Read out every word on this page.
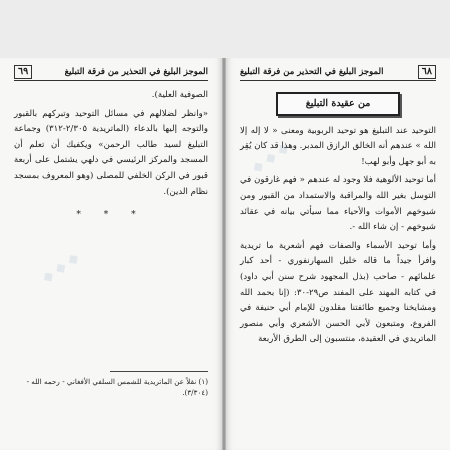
الموجز البليغ في التحذير من فرقة التبليغ
٦٩

الصوفية العلية).

«وانظر لضلالهم في مسائل التوحيد وتبركهم بالقبور والتوجه إليها بالدعاء (الماتريدية ٢/٣٠٥-٣١٢) وجماعة التبليغ لسيد طالب الرحمن» ويكفيك أن تعلم أن المسجد والمركز الرئيسي في دلهي يشتمل على أربعة قبور في الركن الخلفي للمصلى (وهو المعروف بمسجد نظام الدين).

* * *
(١) نقلاً عن الماتريدية للشمس السلفي الأفغاني - رحمه الله - (٣/٣٠٤).
٦٨
الموجز البليغ في التحذير من فرقة التبليغ
من عقيدة التبليغ

التوحيد عند التبليغ هو توحيد الربوبية ومعنى « لا إله إلا الله » عندهم أنه الخالق الرازق المدبر. وهذا قد كان يُقِر به أبو جهل وأبو لهب!

أما توحيد الألوهية فلا وجود له عندهم « فهم غارقون في التوسل بغير الله والمراقبة والاستمداد من القبور ومن شيوخهم الأموات والأحياء مما سيأتي بيانه في عقائد شيوخهم - إن شاء الله -.

وأما توحيد الأسماء والصفات فهم أشعرية ما تريدية وافرأ جيداً ما قاله خليل السهارنفوري - أحد كبار علمائهم - صاحب (بذل المجهود شرح سنن أبي داود) في كتابه المهند على المفند ص٢٩-٣٠: (إنا بحمد الله ومشايخنا وجميع طائفتنا مقلدون للإمام أبي حنيفة في الفروع، ومتبعون لأبي الحسن الأشعري وأبي منصور الماتريدي في العقيدة، منتسبون إلى الطرق الأربعة
